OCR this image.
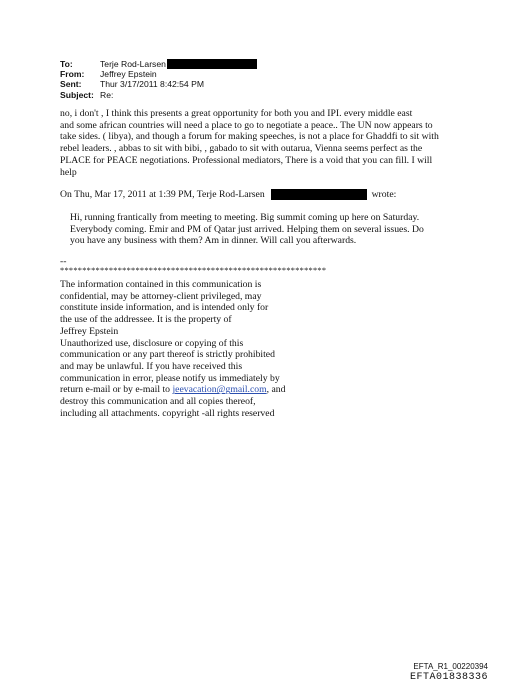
To:	Terje Rod-Larsen
From:	Jeffrey Epstein
Sent:	Thur 3/17/2011 8:42:54 PM
Subject: Re:
no, i don't , I think this presents a great opportunity for both you and IPI. every middle east
and some african countries will need a place to go to negotiate a peace.. The UN now appears to
take sides. ( libya), and though a forum for making speeches, is not a place for Ghaddfi to sit with
rebel leaders. , abbas to sit with bibi, , gabado to sit with outarua, Vienna seems perfect as the
PLACE for PEACE negotiations. Professional mediators, There is a void that you can fill. I will
help
On Thu, Mar 17, 2011 at 1:39 PM, Terje Rod-Larsen	wrote:
Hi, running frantically from meeting to meeting. Big summit coming up here on Saturday.
Everybody coming. Emir and PM of Qatar just arrived. Helping them on several issues. Do
you have any business with them? Am in dinner. Will call you afterwards.
--
************************************************************
The information contained in this communication is
confidential, may be attorney-client privileged, may
constitute inside information, and is intended only for
the use of the addressee. It is the property of
Jeffrey Epstein
Unauthorized use, disclosure or copying of this
communication or any part thereof is strictly prohibited
and may be unlawful. If you have received this
communication in error, please notify us immediately by
return e-mail or by e-mail to jeevacation@gmail.com, and
destroy this communication and all copies thereof,
including all attachments. copyright -all rights reserved
EFTA_R1_00220394
EFTA01838336
